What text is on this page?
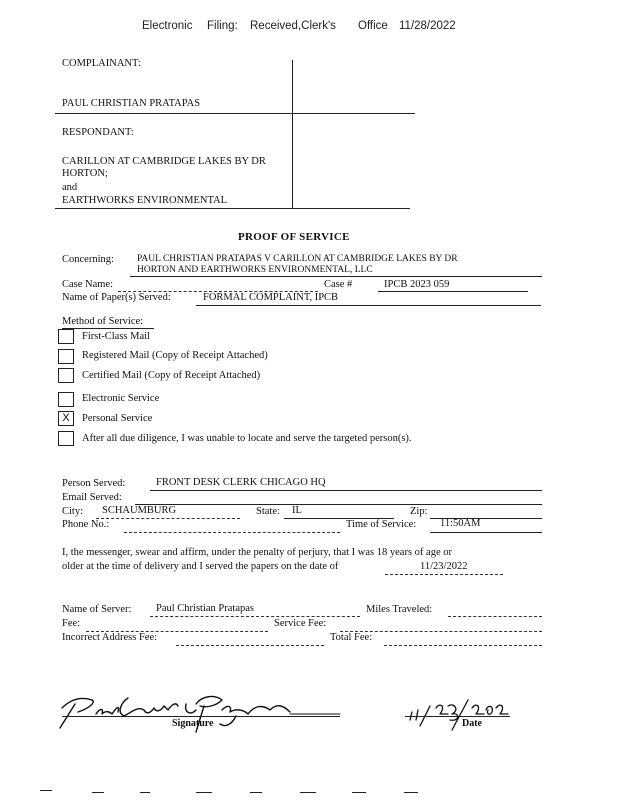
Electronic Filing: Received,Clerk's Office 11/28/2022
COMPLAINANT:
PAUL CHRISTIAN PRATAPAS
RESPONDANT:
CARILLON AT CAMBRIDGE LAKES BY DR
HORTON;
and
EARTHWORKS ENVIRONMENTAL
PROOF OF SERVICE
Concerning: PAUL CHRISTIAN PRATAPAS V CARILLON AT CAMBRIDGE LAKES BY DR
HORTON AND EARTHWORKS ENVIRONMENTAL, LLC
Case Name:	Case #	IPCB 2023 059
Name of Paper(s) Served:	FORMAL COMPLAINT, IPCB
Method of Service:
First-Class Mail
Registered Mail (Copy of Receipt Attached)
Certified Mail (Copy of Receipt Attached)
Electronic Service
X	Personal Service
After all due diligence, I was unable to locate and serve the targeted person(s).
Person Served:	FRONT DESK CLERK CHICAGO HQ
Email Served:
City: SCHAUMBURG	State: IL	Zip:
Phone No.:	Time of Service: 11:50AM
I, the messenger, swear and affirm, under the penalty of perjury, that I was 18 years of age or
older at the time of delivery and I served the papers on the date of	11/23/2022
Name of Server: Paul Christian Pratapas	Miles Traveled:
Fee:	Service Fee:
Incorrect Address Fee:	Total Fee:
Signature	Date
